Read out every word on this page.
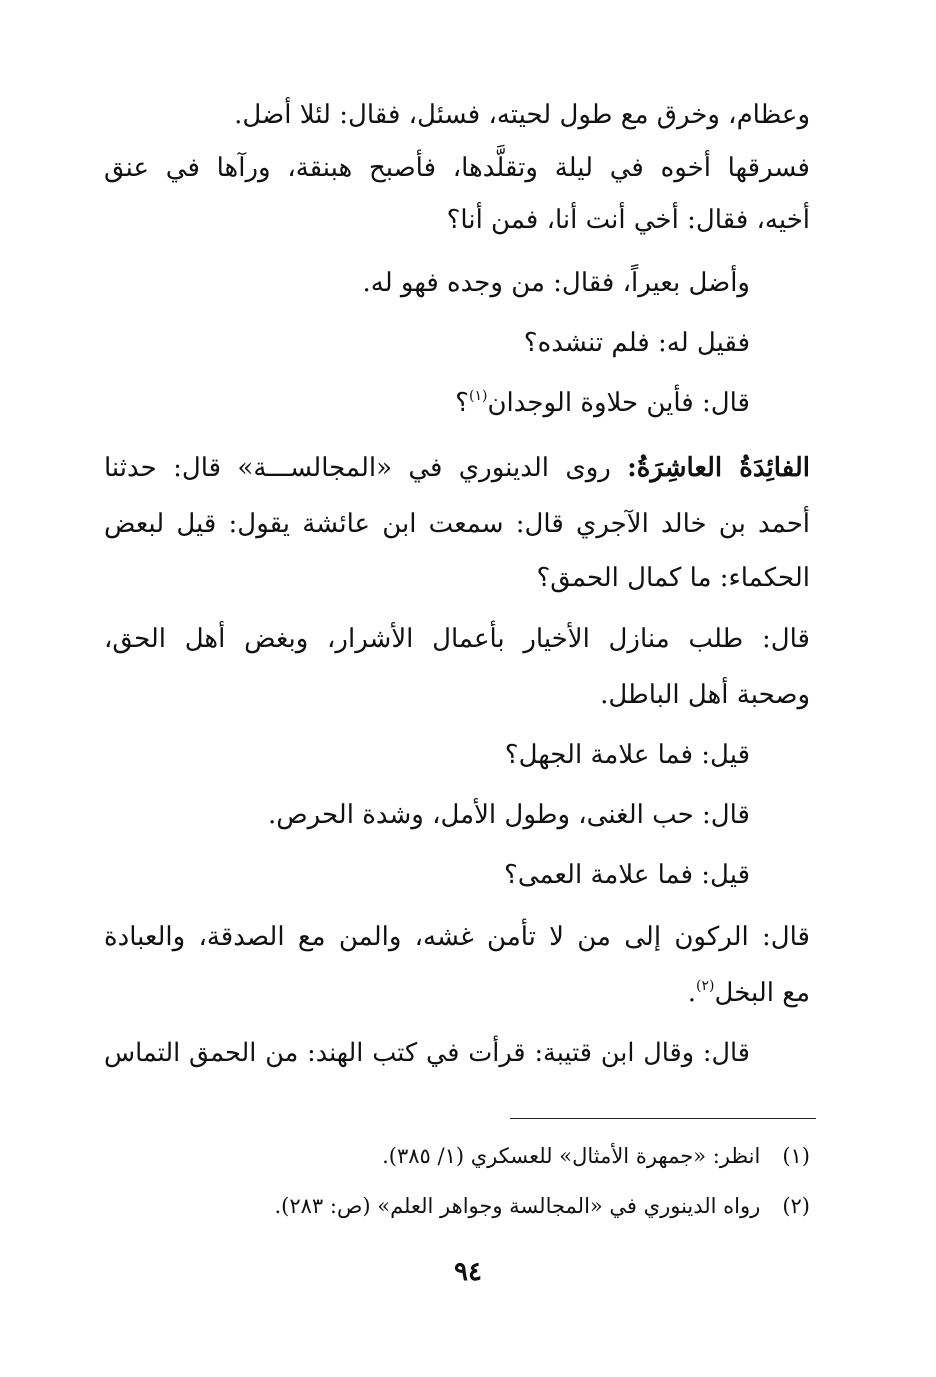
وعظام، وخرق مع طول لحيته، فسئل، فقال: لئلا أضل.
فسرقها أخوه في ليلة وتقلَّدها، فأصبح هبنقة، ورآها في عنق
أخيه، فقال: أخي أنت أنا، فمن أنا؟
وأضل بعيراً، فقال: من وجده فهو له.
فقيل له: فلم تنشده؟
قال: فأين حلاوة الوجدان$^{(١)}$؟
الفائِدَةُ العاشِرَةُ: روى الدينوري في «المجالســـة» قال: حدثنا
أحمد بن خالد الآجري قال: سمعت ابن عائشة يقول: قيل لبعض
الحكماء: ما كمال الحمق؟
قال: طلب منازل الأخيار بأعمال الأشرار، وبغض أهل الحق،
وصحبة أهل الباطل.
قيل: فما علامة الجهل؟
قال: حب الغنى، وطول الأمل، وشدة الحرص.
قيل: فما علامة العمى؟
قال: الركون إلى من لا تأمن غشه، والمن مع الصدقة، والعبادة
مع البخل$^{(٢)}$.
قال: وقال ابن قتيبة: قرأت في كتب الهند: من الحمق التماس
(١)انظر: «جمهرة الأمثال» للعسكري (١/ ٣٨٥).
(٢)رواه الدينوري في «المجالسة وجواهر العلم» (ص: ٢٨٣).
٩٤
